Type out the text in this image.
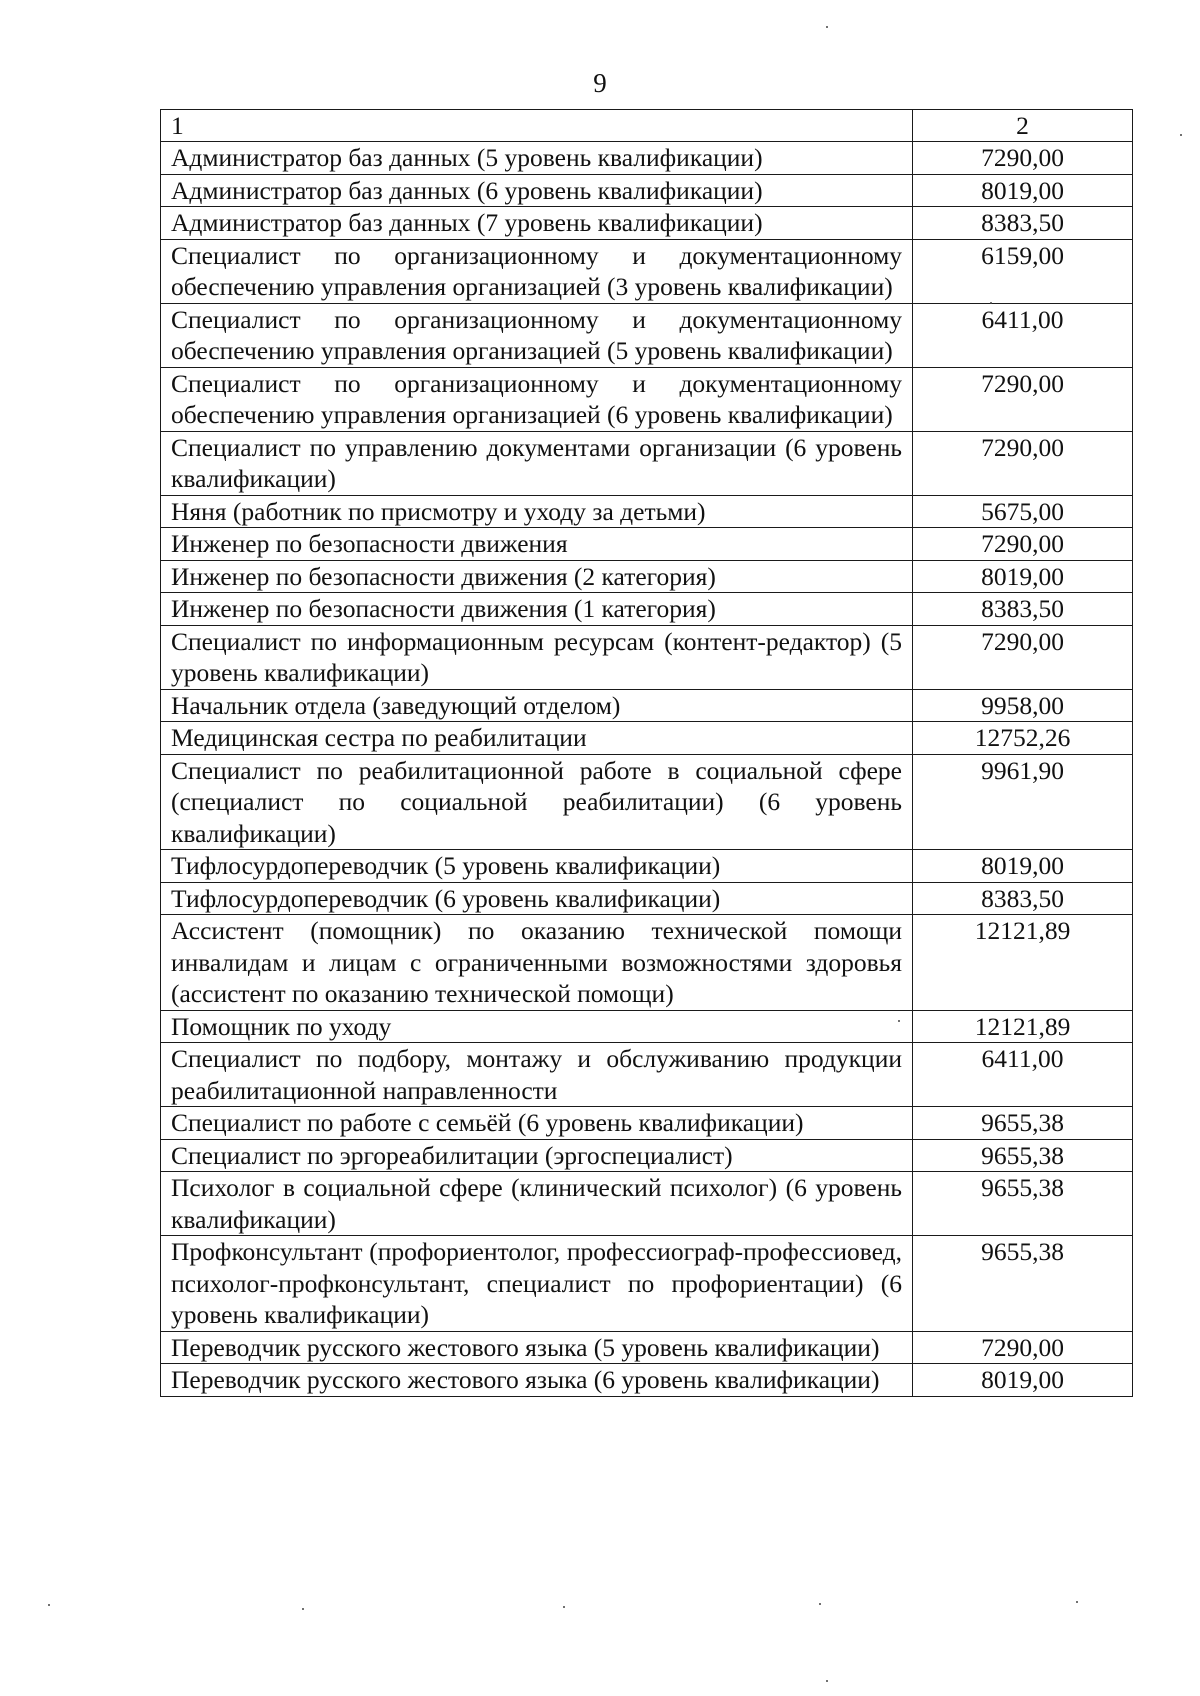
9
1	2
Администратор баз данных (5 уровень квалификации)	7290,00
Администратор баз данных (6 уровень квалификации)	8019,00
Администратор баз данных (7 уровень квалификации)	8383,50
Специалист по организационному и документационному обеспечению управления организацией (3 уровень квалификации)	6159,00
Специалист по организационному и документационному обеспечению управления организацией (5 уровень квалификации)	6411,00
Специалист по организационному и документационному обеспечению управления организацией (6 уровень квалификации)	7290,00
Специалист по управлению документами организации (6 уровень квалификации)	7290,00
Няня (работник по присмотру и уходу за детьми)	5675,00
Инженер по безопасности движения	7290,00
Инженер по безопасности движения (2 категория)	8019,00
Инженер по безопасности движения (1 категория)	8383,50
Специалист по информационным ресурсам (контент-редактор) (5 уровень квалификации)	7290,00
Начальник отдела (заведующий отделом)	9958,00
Медицинская сестра по реабилитации	12752,26
Специалист по реабилитационной работе в социальной сфере (специалист по социальной реабилитации) (6 уровень квалификации)	9961,90
Тифлосурдопереводчик (5 уровень квалификации)	8019,00
Тифлосурдопереводчик (6 уровень квалификации)	8383,50
Ассистент (помощник) по оказанию технической помощи инвалидам и лицам с ограниченными возможностями здоровья (ассистент по оказанию технической помощи)	12121,89
Помощник по уходу	12121,89
Специалист по подбору, монтажу и обслуживанию продукции реабилитационной направленности	6411,00
Специалист по работе с семьёй (6 уровень квалификации)	9655,38
Специалист по эргореабилитации (эргоспециалист)	9655,38
Психолог в социальной сфере (клинический психолог) (6 уровень квалификации)	9655,38
Профконсультант (профориентолог, профессиограф-профессиовед, психолог-профконсультант, специалист по профориентации) (6 уровень квалификации)	9655,38
Переводчик русского жестового языка (5 уровень квалификации)	7290,00
Переводчик русского жестового языка (6 уровень квалификации)	8019,00
